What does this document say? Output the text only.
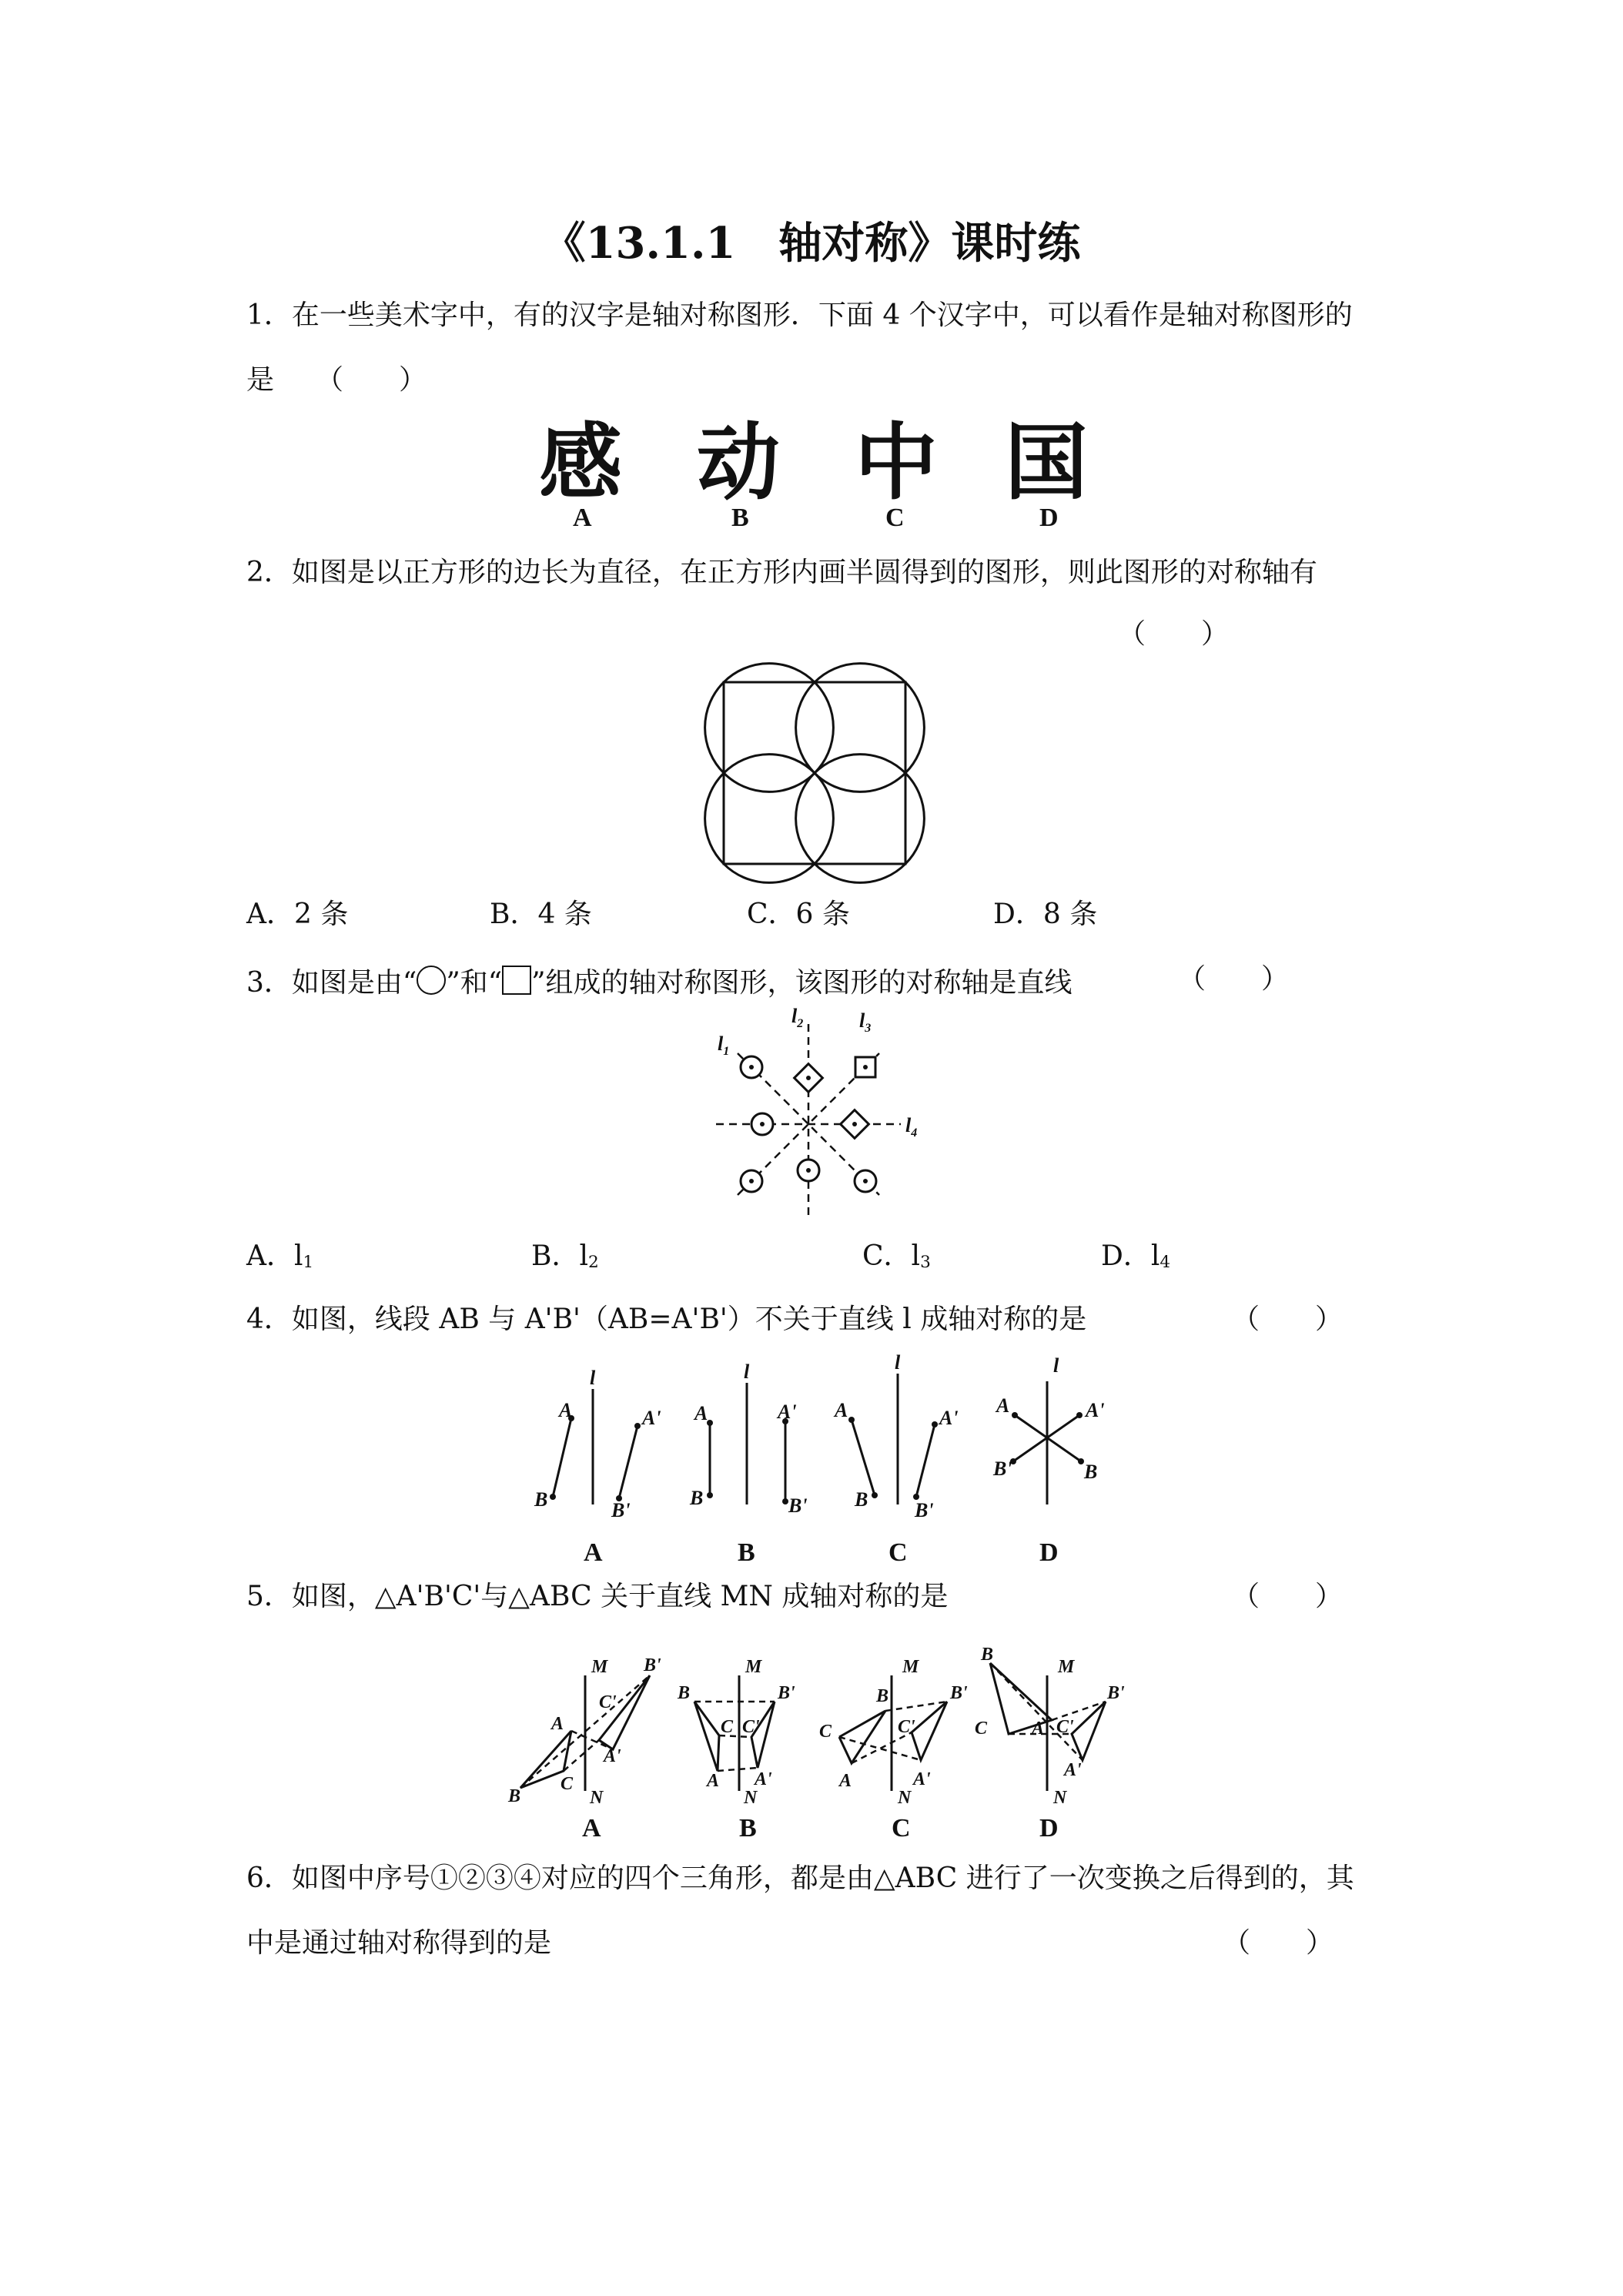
《13.1.1　轴对称》课时练
1．在一些美术字中，有的汉字是轴对称图形．下面 4 个汉字中，可以看作是轴对称图形的
是　　（　　）
感 动 中 国
A	B	C	D
2．如图是以正方形的边长为直径，在正方形内画半圆得到的图形，则此图形的对称轴有
（　　）
A．2 条	B．4 条	C．6 条	D．8 条
3．如图是由“ ”和“ ”组成的轴对称图形，该图形的对称轴是直线	（　　）
$l_1$
$l_2$	$l_3$
$l_4$
A．l1	B．l2	C．l3	D．l4
4．如图，线段 AB 与 A'B'（AB=A'B'）不关于直线 l 成轴对称的是	（　　）
l
A
B
A'
B'
l
A
B
A'
B'
l
A
B
A'
B'
l
A
B'
A'
B
A	B	C	D
5．如图，△A'B'C'与△ABC 关于直线 MN 成轴对称的是	（　　）
M
N
A
B
C
A'
B'
C'
M
N
A
B
C
A'
B'
C'
M
N
A
B
C
A'
B'
C'
M
N
A
B
C
A'
B'
C'
A	B	C	D
6．如图中序号①②③④对应的四个三角形，都是由△ABC 进行了一次变换之后得到的，其
中是通过轴对称得到的是	（　　）
